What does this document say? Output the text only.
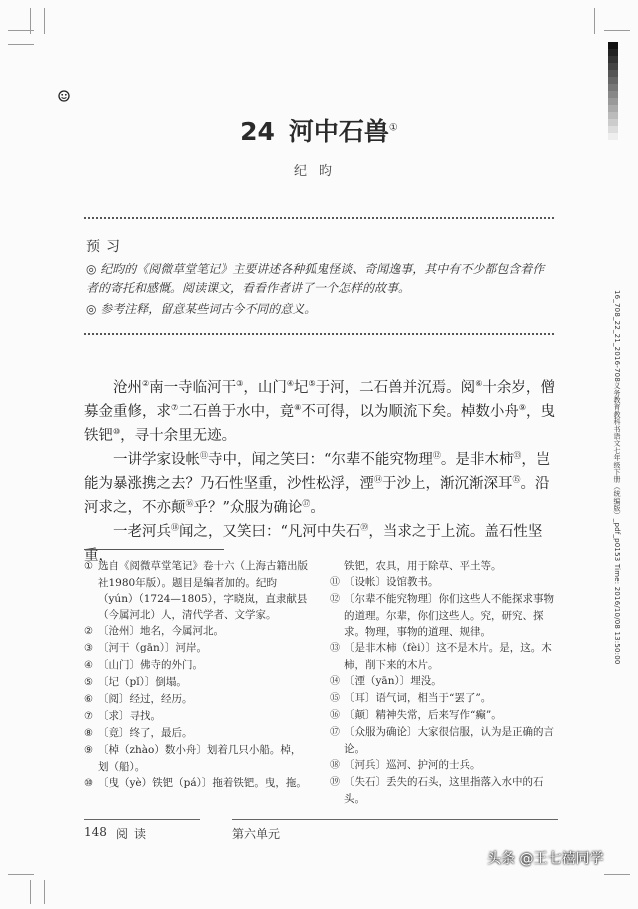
16_708_22_21_2016-708义务教育教科书语文七年级下册（统编版）_pdf_p0153 Time: 2016/10/08 13:50:00
24 河中石兽①
纪昀
预习
◎ 纪昀的《阅微草堂笔记》主要讲述各种狐鬼怪谈、奇闻逸事，其中有不少都包含着作者的寄托和感慨。阅读课文，看看作者讲了一个怎样的故事。
◎ 参考注释，留意某些词古今不同的意义。

沧州②南一寺临河干③，山门④圮⑤于河，二石兽并沉焉。阅⑥十余岁，僧募金重修，求⑦二石兽于水中，竟⑧不可得，以为顺流下矣。棹数小舟⑨，曳铁钯⑩，寻十余里无迹。

一讲学家设帐⑪寺中，闻之笑曰：“尔辈不能究物理⑫。是非木柿⑬，岂能为暴涨携之去？乃石性坚重，沙性松浮，湮⑭于沙上，渐沉渐深耳⑮。沿河求之，不亦颠⑯乎？”众服为确论⑰。

一老河兵⑱闻之，又笑曰：“凡河中失石⑲，当求之于上流。盖石性坚重，

① 选自《阅微草堂笔记》卷十六（上海古籍出版社1980年版）。题目是编者加的。纪昀（yún）（1724—1805），字晓岚，直隶献县（今属河北）人，清代学者、文学家。
② 〔沧州〕地名，今属河北。
③ 〔河干（gān）〕河岸。
④ 〔山门〕佛寺的外门。
⑤ 〔圮（pǐ）〕倒塌。
⑥ 〔阅〕经过，经历。
⑦ 〔求〕寻找。
⑧ 〔竟〕终了，最后。
⑨ 〔棹（zhào）数小舟〕划着几只小船。棹，划（船）。
⑩ 〔曳（yè）铁钯（pá）〕拖着铁钯。曳，拖。
铁钯，农具，用于除草、平土等。
⑪ 〔设帐〕设馆教书。
⑫ 〔尔辈不能究物理〕你们这些人不能探求事物的道理。尔辈，你们这些人。究，研究、探求。物理，事物的道理、规律。
⑬ 〔是非木柿（fèi）〕这不是木片。是，这。木柿，削下来的木片。
⑭ 〔湮（yān）〕埋没。
⑮ 〔耳〕语气词，相当于“罢了”。
⑯ 〔颠〕精神失常，后来写作“癫”。
⑰ 〔众服为确论〕大家很信服，认为是正确的言论。
⑱ 〔河兵〕巡河、护河的士兵。
⑲ 〔失石〕丢失的石头，这里指落入水中的石头。
148 阅读	第六单元
头条 @王七禧同学
